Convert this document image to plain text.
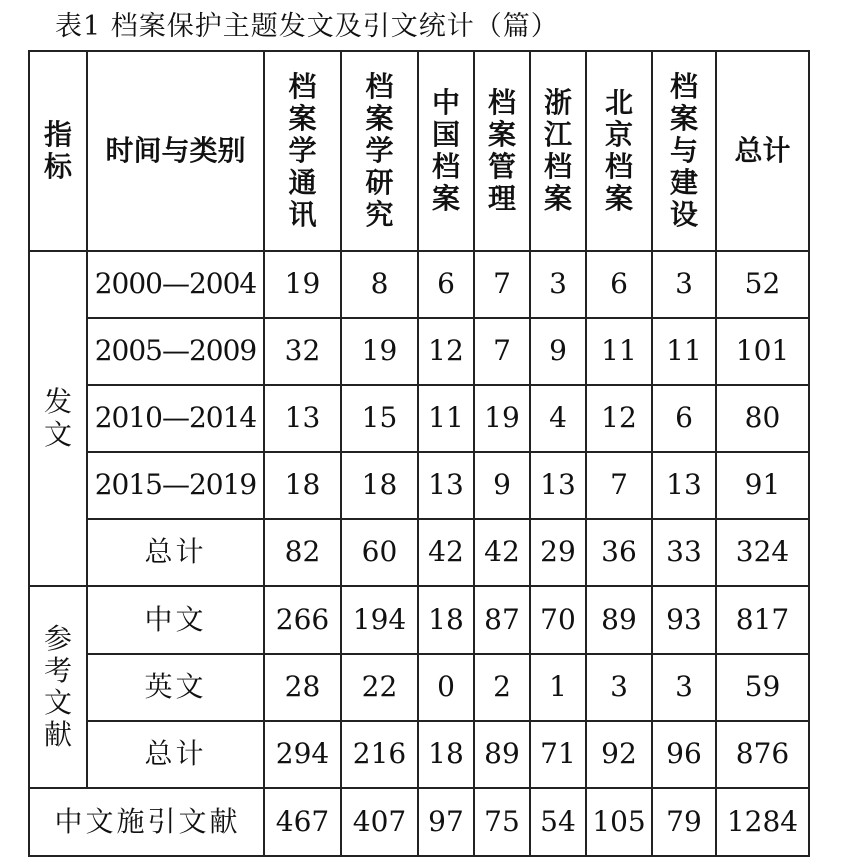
表1 档案保护主题发文及引文统计（篇）
指标	时间与类别	档案学通讯	档案学研究	中国档案	档案管理	浙江档案	北京档案	档案与建设	总计
发文	2000—2004	19	8	6	7	3	6	3	52
	2005—2009	32	19	12	7	9	11	11	101
	2010—2014	13	15	11	19	4	12	6	80
	2015—2019	18	18	13	9	13	7	13	91
	总计	82	60	42	42	29	36	33	324
参考文献	中文	266	194	18	87	70	89	93	817
	英文	28	22	0	2	1	3	3	59
	总计	294	216	18	89	71	92	96	876
中文施引文献		467	407	97	75	54	105	79	1284
